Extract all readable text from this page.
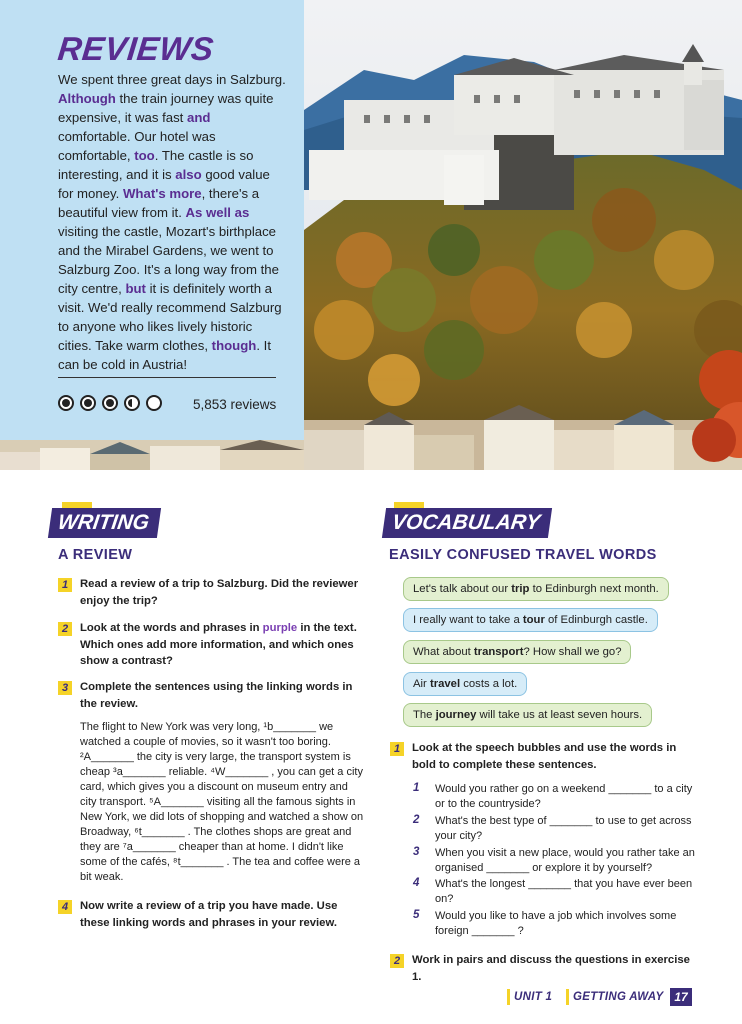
REVIEWS
We spent three great days in Salzburg. Although the train journey was quite expensive, it was fast and comfortable. Our hotel was comfortable, too. The castle is so interesting, and it is also good value for money. What's more, there's a beautiful view from it. As well as visiting the castle, Mozart's birthplace and the Mirabel Gardens, we went to Salzburg Zoo. It's a long way from the city centre, but it is definitely worth a visit. We'd really recommend Salzburg to anyone who likes lively historic cities. Take warm clothes, though. It can be cold in Austria!
5,853 reviews
WRITING
A REVIEW
1	Read a review of a trip to Salzburg. Did the reviewer enjoy the trip?
2	Look at the words and phrases in purple in the text. Which ones add more information, and which ones show a contrast?
3	Complete the sentences using the linking words in the review.
The flight to New York was very long, ¹b_______ we watched a couple of movies, so it wasn't too boring. ²A_______ the city is very large, the transport system is cheap ³a_______ reliable. ⁴W_______ , you can get a city card, which gives you a discount on museum entry and city transport. ⁵A_______ visiting all the famous sights in New York, we did lots of shopping and watched a show on Broadway, ⁶t_______ . The clothes shops are great and they are ⁷a_______ cheaper than at home. I didn't like some of the cafés, ⁸t_______ . The tea and coffee were a bit weak.
4	Now write a review of a trip you have made. Use these linking words and phrases in your review.
VOCABULARY
EASILY CONFUSED TRAVEL WORDS
Let's talk about our trip to Edinburgh next month.
I really want to take a tour of Edinburgh castle.
What about transport? How shall we go?
Air travel costs a lot.
The journey will take us at least seven hours.
1	Look at the speech bubbles and use the words in bold to complete these sentences.
1 Would you rather go on a weekend _______ to a city or to the countryside?
2 What's the best type of _______ to use to get across your city?
3 When you visit a new place, would you rather take an organised _______ or explore it by yourself?
4 What's the longest _______ that you have ever been on?
5 Would you like to have a job which involves some foreign _______ ?
2	Work in pairs and discuss the questions in exercise 1.
UNIT 1 GETTING AWAY 17
